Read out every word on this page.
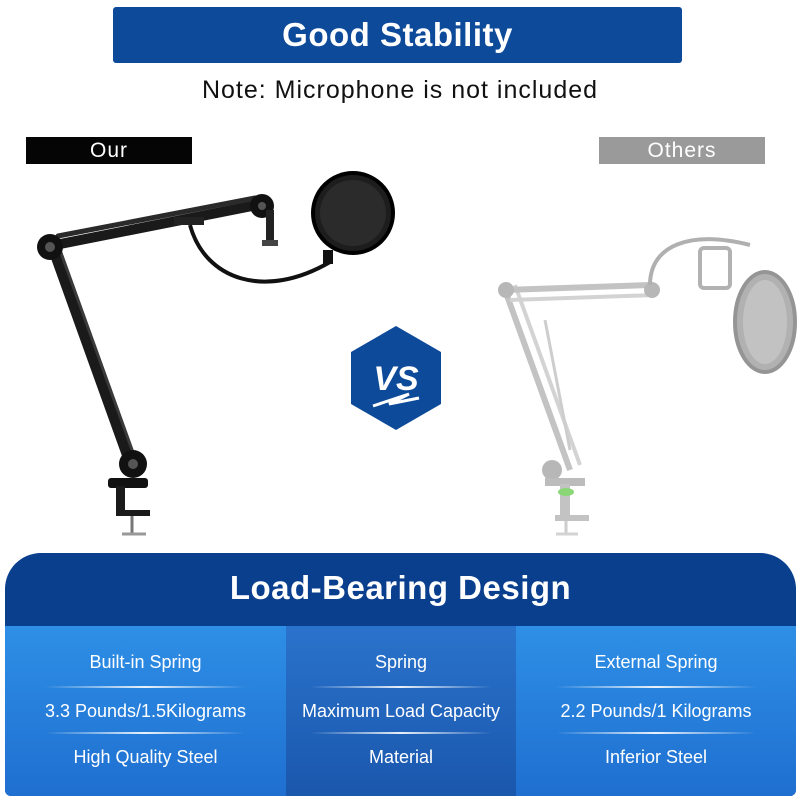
Good Stability
Note: Microphone is not included
Our	Others
VS
Load-Bearing Design
Built-in Spring
3.3 Pounds/1.5Kilograms
High Quality Steel
Spring
Maximum Load Capacity
Material
External Spring
2.2 Pounds/1 Kilograms
Inferior Steel
